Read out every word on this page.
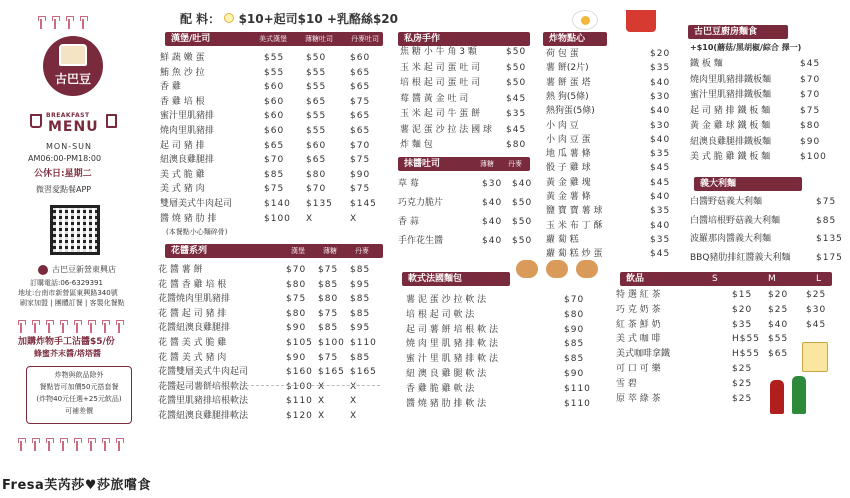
古巴豆
BREAKFAST
MENU
MON-SUN
AM06:00-PM18:00
公休日:星期二
微習愛點餐APP
古巴豆新營東興店
訂購電話:06-6329391
地址:台南市新營區東興路340號
刷家加盟 | 團體訂餐 | 客製化餐點
加購炸物手工沾醬$5/份
蜂蜜芥末醬/塔塔醬
炸物與飲品除外
餐點皆可加價50元搭套餐
(炸物40元任選+25元飲品)
可補差價
配 料： $10+起司$10 +乳酪絲$20
漢堡/吐司	美式漢堡	薄糖吐司	丹麥吐司
鮮 蔬 嫩 蛋	$55 $50	$60
鮪 魚 沙 拉	$55 $55	$65
香 雞	$60 $55	$65
香 雞 培 根	$60 $65	$75
蜜汁里肌豬排	$60 $55	$65
燒肉里肌豬排	$60 $55	$65
起 司 豬 排	$65 $60	$70
紐澳良雞腿排	$70 $65	$75
美 式 脆 雞	$85 $80	$90
美 式 豬 肉	$75 $70	$75
雙層美式牛肉起司	$140 $135 $145
醬 燒 豬 肋 排	$100 X	X
(本餐點小心麵碎骨)
花醬系列	漢堡	薄糖	丹麥
花 醬 薯 餅	$70 $75 $85
花 醬 香 雞 培 根	$80 $85 $95
花醬燒肉里肌豬排	$75 $80 $85
花 醬 起 司 豬 排	$80 $75 $85
花醬紐澳良雞腿排	$90 $85 $95
花 醬 美 式 脆 雞	$105 $100 $110
花 醬 美 式 豬 肉	$90 $75 $85
花醬雙層美式牛肉起司	$160 $165 $165
花醬起司薯餅培根軟法	$100 X	X
花醬里肌豬排培根軟法	$110 X	X
花醬紐澳良雞腿排軟法	$120 X	X
私房手作
焦 糖 小 牛 角 3 顆	$50
玉 米 起 司 蛋 吐 司	$50
培 根 起 司 蛋 吐 司	$50
莓 醬 黃 金 吐 司	$45
玉 米 起 司 牛 蛋 餅	$35
薯 泥 蛋 沙 拉 法 國 球 $45
炸 麵 包	$80
抹醬吐司	薄糖 丹麥
草 莓	$30 $40
巧克力脆片	$40 $50
香 蒜	$40 $50
手作花生醬	$40 $50
軟式法國麵包
薯 泥 蛋 沙 拉 軟 法	$70
培 根 起 司 軟 法	$80
起 司 薯 餅 培 根 軟 法	$90
燒 肉 里 肌 豬 排 軟 法	$85
蜜 汁 里 肌 豬 排 軟 法	$85
紐 澳 良 雞 腿 軟 法	$90
香 雞 脆 雞 軟 法	$110
醬 燒 豬 肋 排 軟 法	$110
炸物點心
荷 包 蛋	$20
薯 餅(2片)	$35
薯 餅 蛋 塔	$40
熱 狗(5條)	$30
熱狗蛋(5條)	$40
小 肉 豆	$30
小 肉 豆 蛋	$40
地 瓜 薯 條	$35
骰 子 雞 球	$45
黃 金 雞 塊	$45
黃 金 薯 條	$40
鹽 寶 寶 薯 球	$35
玉 米 布 丁 酥	$40
蘿 蔔 糕	$35
蘿 蔔 糕 炒 蛋	$45
古巴豆廚房麵食
+$10(蘑菇/黑胡椒/綜合 擇一)
鐵 板 麵	$45
燒肉里肌豬排鐵板麵	$70
蜜汁里肌豬排鐵板麵	$70
起 司 豬 排 鐵 板 麵	$75
黃 金 雞 球 鐵 板 麵	$80
紐澳良雞腿排鐵板麵	$90
美 式 脆 雞 鐵 板 麵	$100
義大利麵
白醬野菇義大利麵	$75
白醬培根野菇義大利麵	$85
波羅那肉醬義大利麵	$135
BBQ豬肋排紅醬義大利麵	$175
飲品	S	M	L
特 選 紅 茶	$15 $20 $25
巧 克 奶 茶	$20 $25 $30
紅 茶 鮮 奶	$35 $40 $45
美 式 咖 啡	H$55 $55
美式咖啡拿鐵	H$55 $65
可 口 可 樂	$25
雪 碧	$25
原 萃 綠 茶	$25
Fresa芙芮莎♥莎旅嚐食
